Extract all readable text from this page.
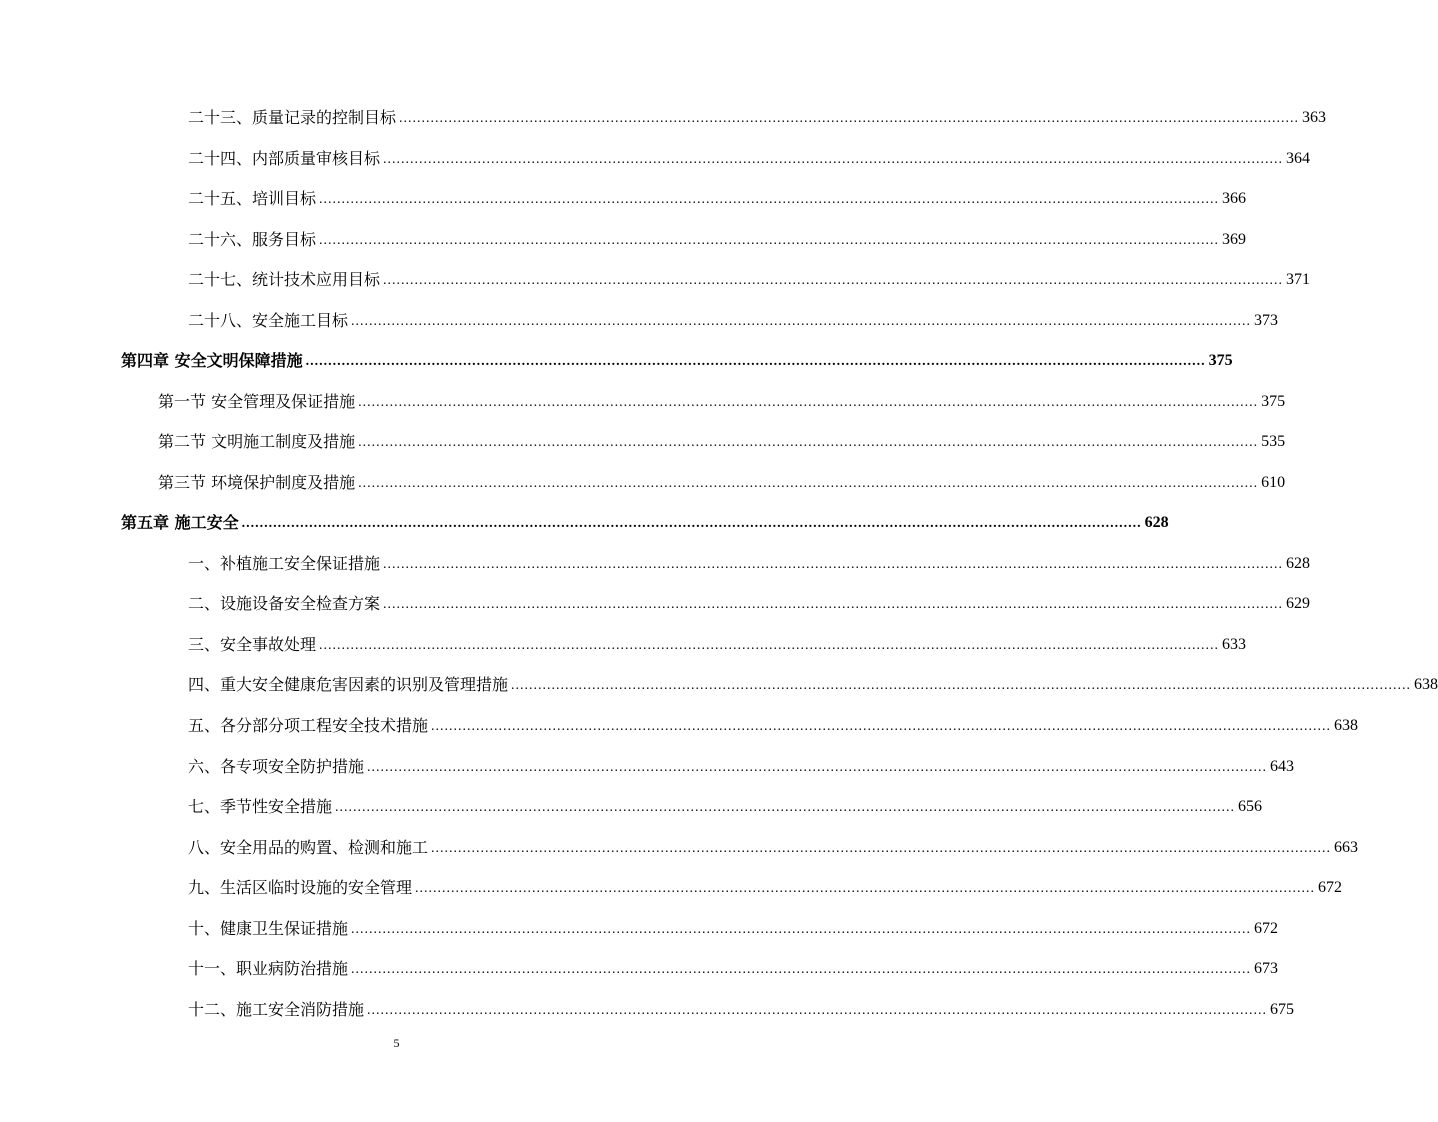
二十三、质量记录的控制目标 ........................................................................................................................................................................................................ 363
二十四、内部质量审核目标 ........................................................................................................................................................................................................ 364
二十五、培训目标 ........................................................................................................................................................................................................ 366
二十六、服务目标 ........................................................................................................................................................................................................ 369
二十七、统计技术应用目标 ........................................................................................................................................................................................................ 371
二十八、安全施工目标 ........................................................................................................................................................................................................ 373
第四章 安全文明保障措施 ........................................................................................................................................................................................................ 375
第一节 安全管理及保证措施 ........................................................................................................................................................................................................ 375
第二节 文明施工制度及措施 ........................................................................................................................................................................................................ 535
第三节 环境保护制度及措施 ........................................................................................................................................................................................................ 610
第五章 施工安全 ........................................................................................................................................................................................................ 628
一、补植施工安全保证措施 ........................................................................................................................................................................................................ 628
二、设施设备安全检查方案 ........................................................................................................................................................................................................ 629
三、安全事故处理 ........................................................................................................................................................................................................ 633
四、重大安全健康危害因素的识别及管理措施 ........................................................................................................................................................................................................ 638
五、各分部分项工程安全技术措施 ........................................................................................................................................................................................................ 638
六、各专项安全防护措施 ........................................................................................................................................................................................................ 643
七、季节性安全措施 ........................................................................................................................................................................................................ 656
八、安全用品的购置、检测和施工 ........................................................................................................................................................................................................ 663
九、生活区临时设施的安全管理 ........................................................................................................................................................................................................ 672
十、健康卫生保证措施 ........................................................................................................................................................................................................ 672
十一、职业病防治措施 ........................................................................................................................................................................................................ 673
十二、施工安全消防措施 ........................................................................................................................................................................................................ 675
5
